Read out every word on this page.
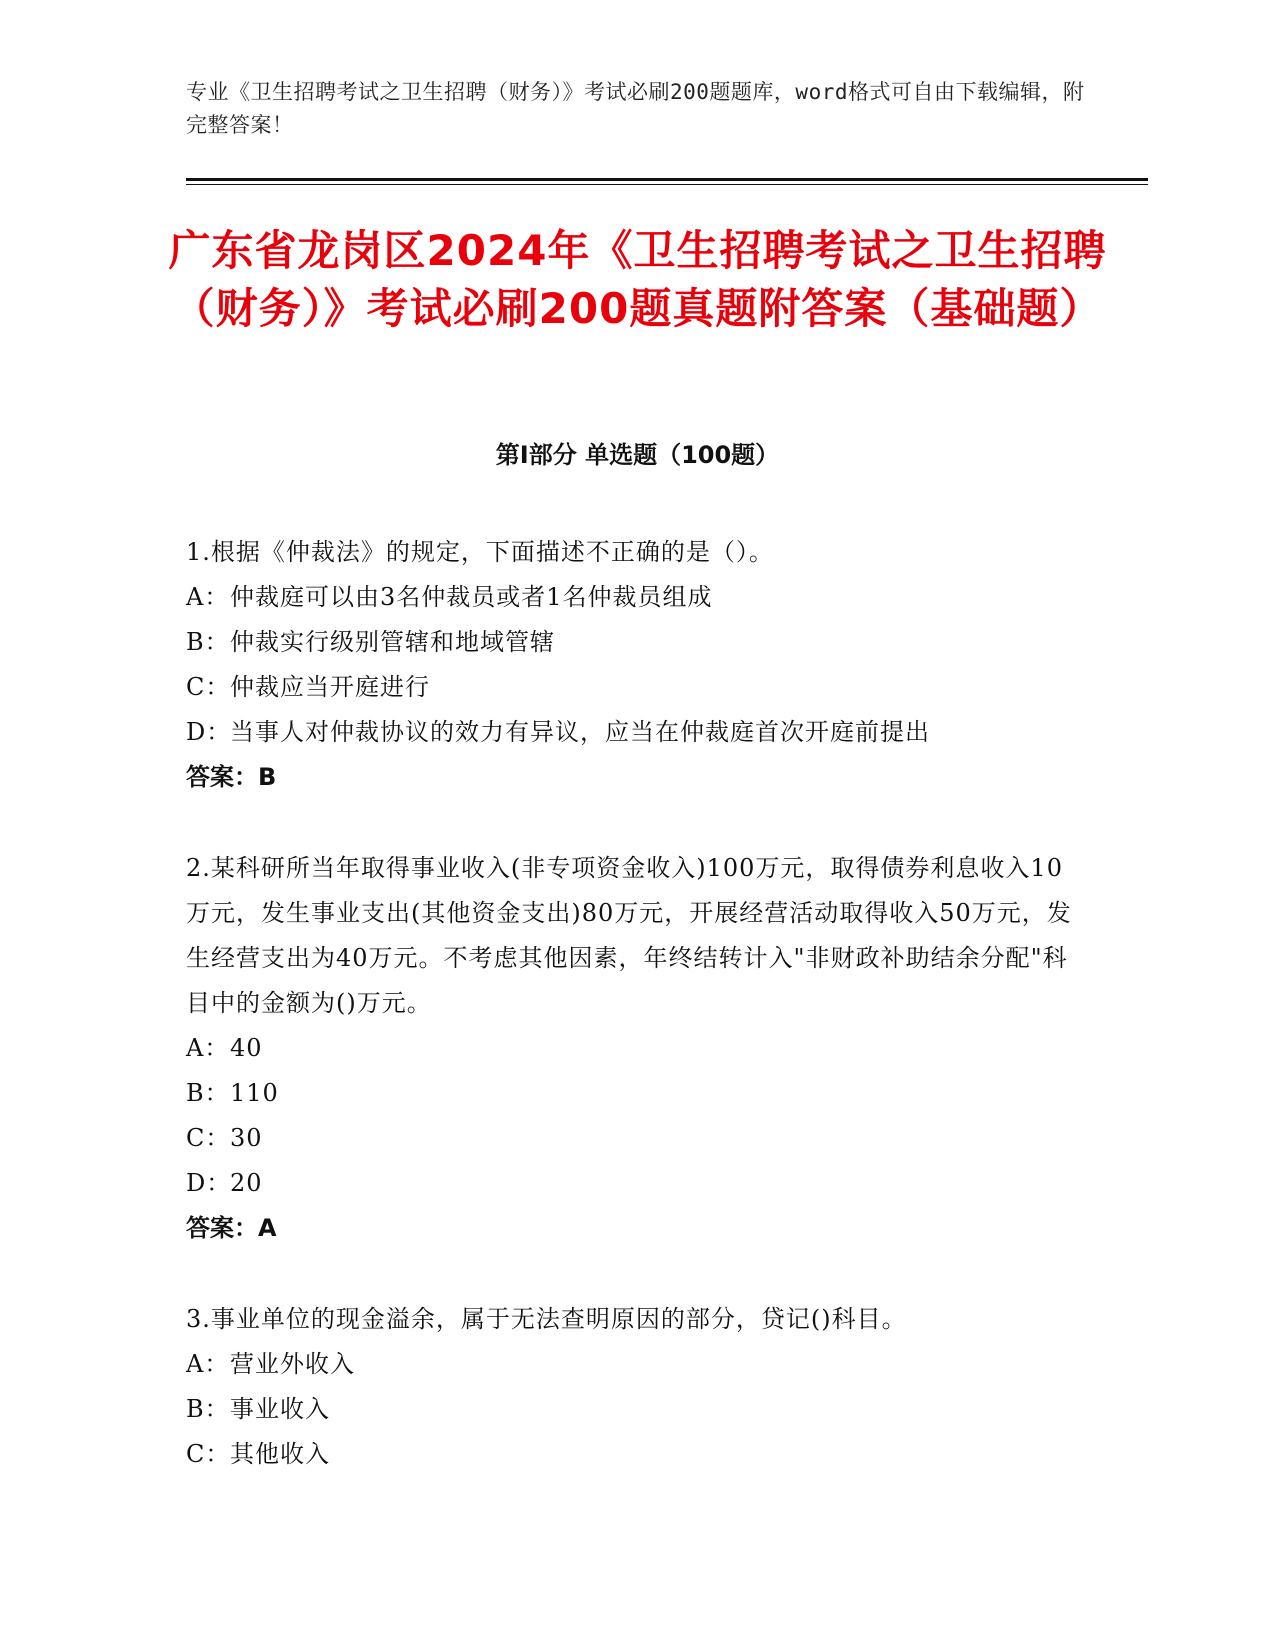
专业《卫生招聘考试之卫生招聘（财务）》考试必刷200题题库，word格式可自由下载编辑，附完整答案！
广东省龙岗区2024年《卫生招聘考试之卫生招聘（财务）》考试必刷200题真题附答案（基础题）
第I部分 单选题（100题）
1.根据《仲裁法》的规定，下面描述不正确的是（）。
A：仲裁庭可以由3名仲裁员或者1名仲裁员组成
B：仲裁实行级别管辖和地域管辖
C：仲裁应当开庭进行
D：当事人对仲裁协议的效力有异议，应当在仲裁庭首次开庭前提出
答案：B
2.某科研所当年取得事业收入(非专项资金收入)100万元，取得债券利息收入10万元，发生事业支出(其他资金支出)80万元，开展经营活动取得收入50万元，发生经营支出为40万元。不考虑其他因素，年终结转计入"非财政补助结余分配"科目中的金额为()万元。
A：40
B：110
C：30
D：20
答案：A
3.事业单位的现金溢余，属于无法查明原因的部分，贷记()科目。
A：营业外收入
B：事业收入
C：其他收入
